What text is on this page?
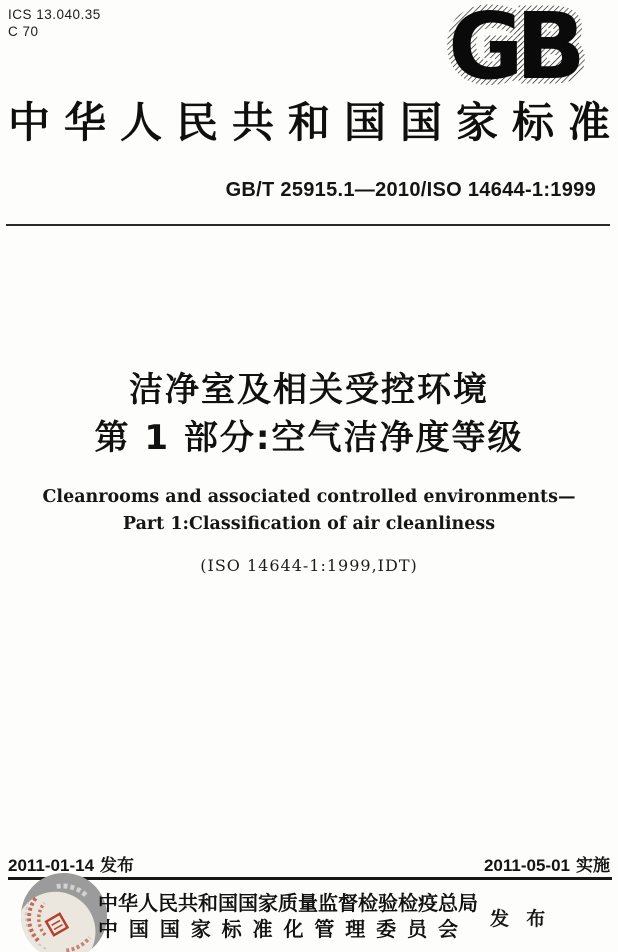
ICS 13.040.35
C 70	GB
中华人民共和国国家标准
GB/T 25915.1—2010/ISO 14644-1:1999
洁净室及相关受控环境
第 1 部分:空气洁净度等级
Cleanrooms and associated controlled environments—
Part 1:Classification of air cleanliness
(ISO 14644-1:1999,IDT)
2011-01-14 发布	2011-05-01 实施
中华人民共和国国家质量监督检验检疫总局
中国国家标准化管理委员会 发 布
